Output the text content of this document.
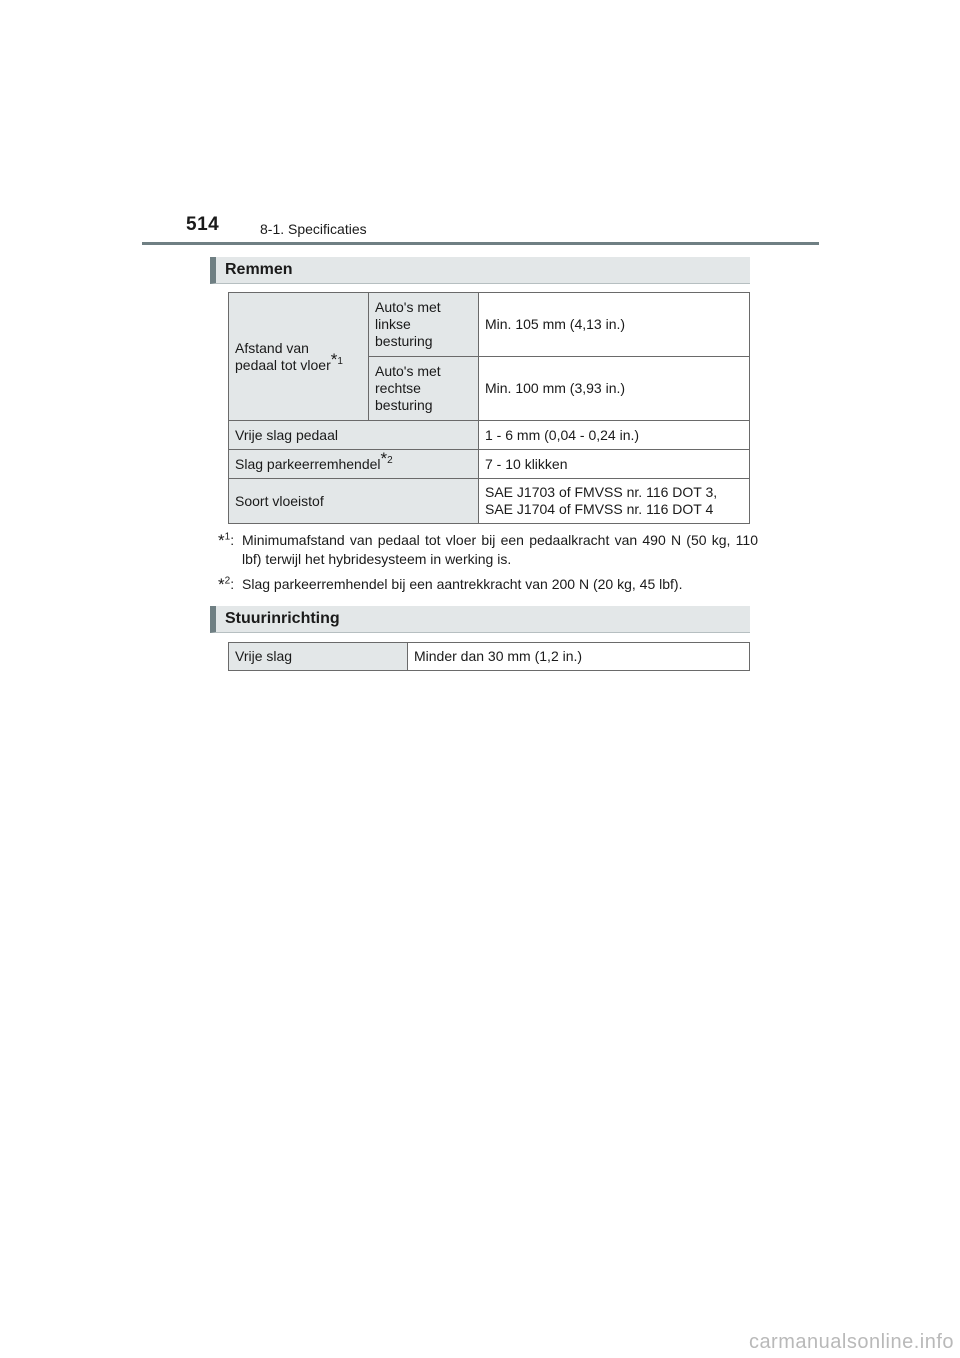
514	8-1. Specificaties
Remmen
Afstand van
pedaal tot vloer$^{*1}$	Auto's met
linkse
besturing	Min. 105 mm (4,13 in.)
	Auto's met
rechtse
besturing	Min. 100 mm (3,93 in.)
Vrije slag pedaal		1 - 6 mm (0,04 - 0,24 in.)
Slag parkeerremhendel$^{*2}$		7 - 10 klikken
Soort vloeistof		SAE J1703 of FMVSS nr. 116 DOT 3,
SAE J1704 of FMVSS nr. 116 DOT 4
*$^1$: Minimumafstand van pedaal tot vloer bij een pedaalkracht van 490 N (50 kg, 110 lbf) terwijl het hybridesysteem in werking is.
*$^2$: Slag parkeerremhendel bij een aantrekkracht van 200 N (20 kg, 45 lbf).
Stuurinrichting
Vrije slag	Minder dan 30 mm (1,2 in.)
carmanualsonline.info
